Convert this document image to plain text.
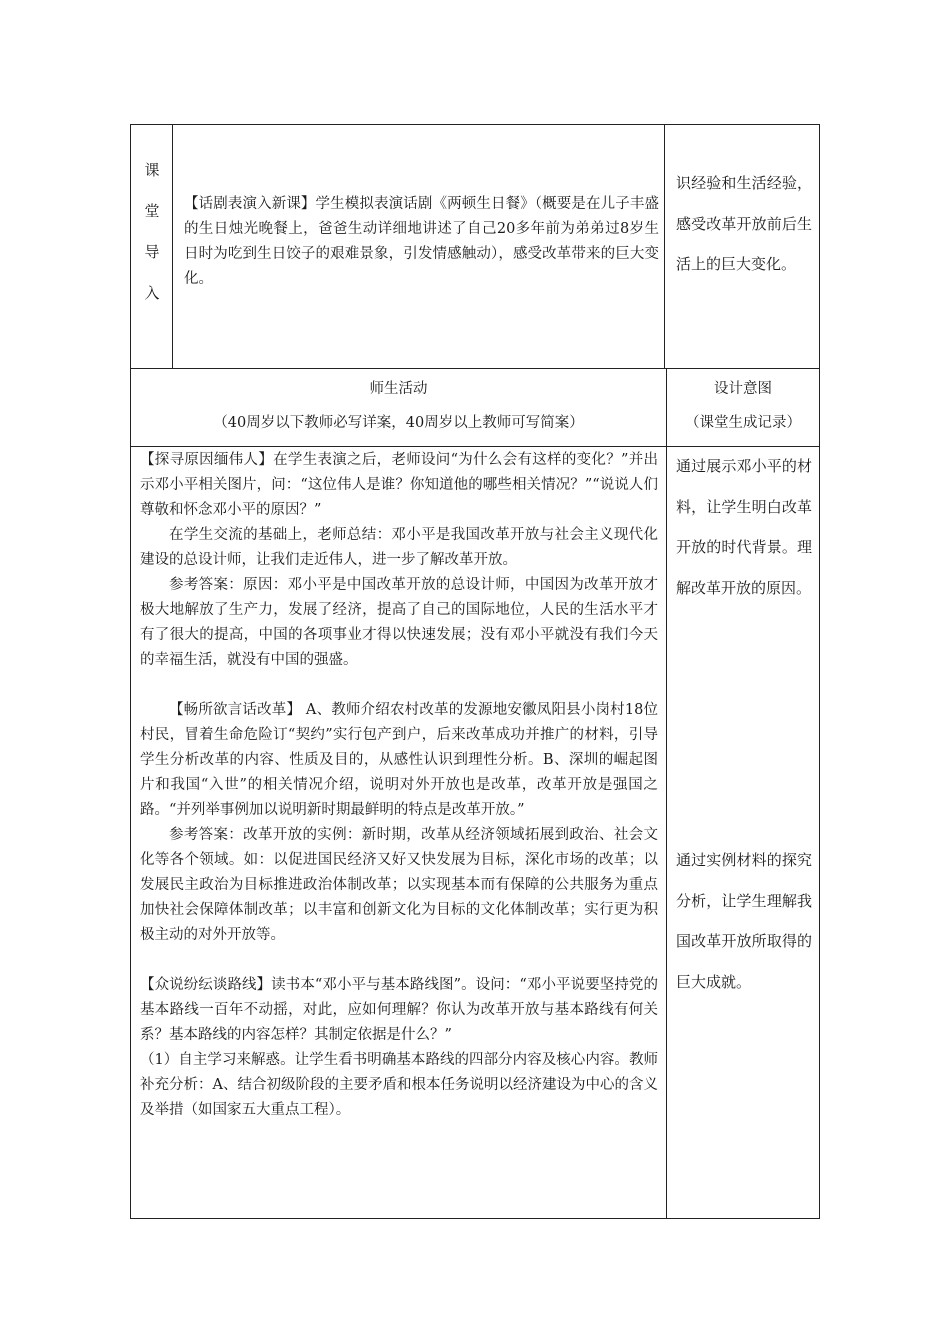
课
堂
导
入
【话剧表演入新课】学生模拟表演话剧《两顿生日餐》（概要是在儿子丰盛的生日烛光晚餐上，爸爸生动详细地讲述了自己20多年前为弟弟过8岁生日时为吃到生日饺子的艰难景象，引发情感触动），感受改革带来的巨大变化。
识经验和生活经验，感受改革开放前后生活上的巨大变化。

师生活动

（40周岁以下教师必写详案，40周岁以上教师可写简案）

设计意图

（课堂生成记录）

【探寻原因缅伟人】在学生表演之后，老师设问“为什么会有这样的变化？”并出示邓小平相关图片，问：“这位伟人是谁？你知道他的哪些相关情况？”“说说人们尊敬和怀念邓小平的原因？”

在学生交流的基础上，老师总结：邓小平是我国改革开放与社会主义现代化建设的总设计师，让我们走近伟人，进一步了解改革开放。

参考答案：原因：邓小平是中国改革开放的总设计师，中国因为改革开放才极大地解放了生产力，发展了经济，提高了自己的国际地位，人民的生活水平才有了很大的提高，中国的各项事业才得以快速发展；没有邓小平就没有我们今天的幸福生活，就没有中国的强盛。

【畅所欲言话改革】 A、教师介绍农村改革的发源地安徽凤阳县小岗村18位村民，冒着生命危险订“契约”实行包产到户，后来改革成功并推广的材料，引导学生分析改革的内容、性质及目的，从感性认识到理性分析。B、深圳的崛起图片和我国“入世”的相关情况介绍，说明对外开放也是改革，改革开放是强国之路。“并列举事例加以说明新时期最鲜明的特点是改革开放。”

参考答案：改革开放的实例：新时期，改革从经济领域拓展到政治、社会文化等各个领域。如：以促进国民经济又好又快发展为目标，深化市场的改革；以发展民主政治为目标推进政治体制改革；以实现基本而有保障的公共服务为重点加快社会保障体制改革；以丰富和创新文化为目标的文化体制改革；实行更为积极主动的对外开放等。

【众说纷纭谈路线】读书本“邓小平与基本路线图”。设问：“邓小平说要坚持党的基本路线一百年不动摇，对此，应如何理解？你认为改革开放与基本路线有何关系？基本路线的内容怎样？其制定依据是什么？”

（1）自主学习来解惑。让学生看书明确基本路线的四部分内容及核心内容。教师补充分析：A、结合初级阶段的主要矛盾和根本任务说明以经济建设为中心的含义及举措（如国家五大重点工程）。

通过展示邓小平的材料，让学生明白改革开放的时代背景。理解改革开放的原因。
通过实例材料的探究分析，让学生理解我国改革开放所取得的巨大成就。
